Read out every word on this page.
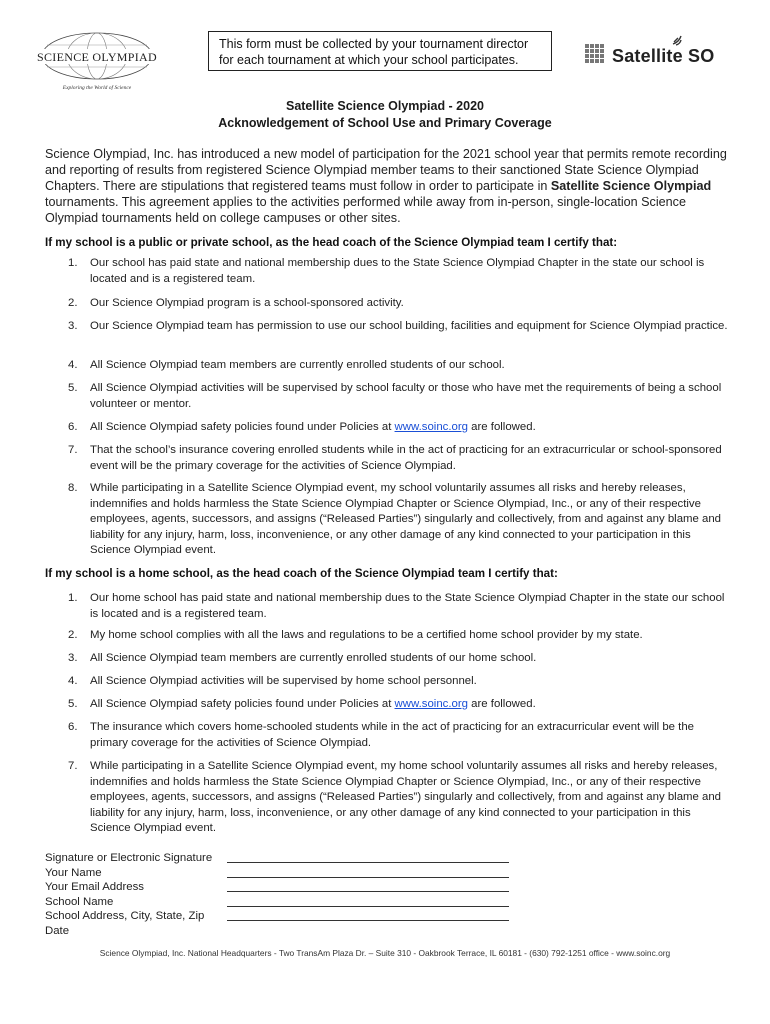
SCIENCE OLYMPIAD
Exploring the World of Science
This form must be collected by your tournament director for each tournament at which your school participates.	Satellite SO
Satellite Science Olympiad - 2020
Acknowledgement of School Use and Primary Coverage
Science Olympiad, Inc. has introduced a new model of participation for the 2021 school year that permits remote recording and reporting of results from registered Science Olympiad member teams to their sanctioned State Science Olympiad Chapters. There are stipulations that registered teams must follow in order to participate in Satellite Science Olympiad tournaments. This agreement applies to the activities performed while away from in-person, single-location Science Olympiad tournaments held on college campuses or other sites.
If my school is a public or private school, as the head coach of the Science Olympiad team I certify that:
1. Our school has paid state and national membership dues to the State Science Olympiad Chapter in the state our school is located and is a registered team.
2. Our Science Olympiad program is a school-sponsored activity.
3. Our Science Olympiad team has permission to use our school building, facilities and equipment for Science Olympiad practice.
4. All Science Olympiad team members are currently enrolled students of our school.
5. All Science Olympiad activities will be supervised by school faculty or those who have met the requirements of being a school volunteer or mentor.
6. All Science Olympiad safety policies found under Policies at www.soinc.org are followed.
7. That the school’s insurance covering enrolled students while in the act of practicing for an extracurricular or school-sponsored event will be the primary coverage for the activities of Science Olympiad.
8. While participating in a Satellite Science Olympiad event, my school voluntarily assumes all risks and hereby releases, indemnifies and holds harmless the State Science Olympiad Chapter or Science Olympiad, Inc., or any of their respective employees, agents, successors, and assigns (“Released Parties”) singularly and collectively, from and against any blame and liability for any injury, harm, loss, inconvenience, or any other damage of any kind connected to your participation in this Science Olympiad event.
If my school is a home school, as the head coach of the Science Olympiad team I certify that:
1. Our home school has paid state and national membership dues to the State Science Olympiad Chapter in the state our school is located and is a registered team.
2. My home school complies with all the laws and regulations to be a certified home school provider by my state.
3. All Science Olympiad team members are currently enrolled students of our home school.
4. All Science Olympiad activities will be supervised by home school personnel.
5. All Science Olympiad safety policies found under Policies at www.soinc.org are followed.
6. The insurance which covers home-schooled students while in the act of practicing for an extracurricular event will be the primary coverage for the activities of Science Olympiad.
7. While participating in a Satellite Science Olympiad event, my home school voluntarily assumes all risks and hereby releases, indemnifies and holds harmless the State Science Olympiad Chapter or Science Olympiad, Inc., or any of their respective employees, agents, successors, and assigns (“Released Parties”) singularly and collectively, from and against any blame and liability for any injury, harm, loss, inconvenience, or any other damage of any kind connected to your participation in this Science Olympiad event.
Signature or Electronic Signature
Your Name
Your Email Address
School Name
School Address, City, State, Zip
Date
Science Olympiad, Inc. National Headquarters - Two TransAm Plaza Dr. – Suite 310 - Oakbrook Terrace, IL 60181 - (630) 792-1251 office - www.soinc.org
